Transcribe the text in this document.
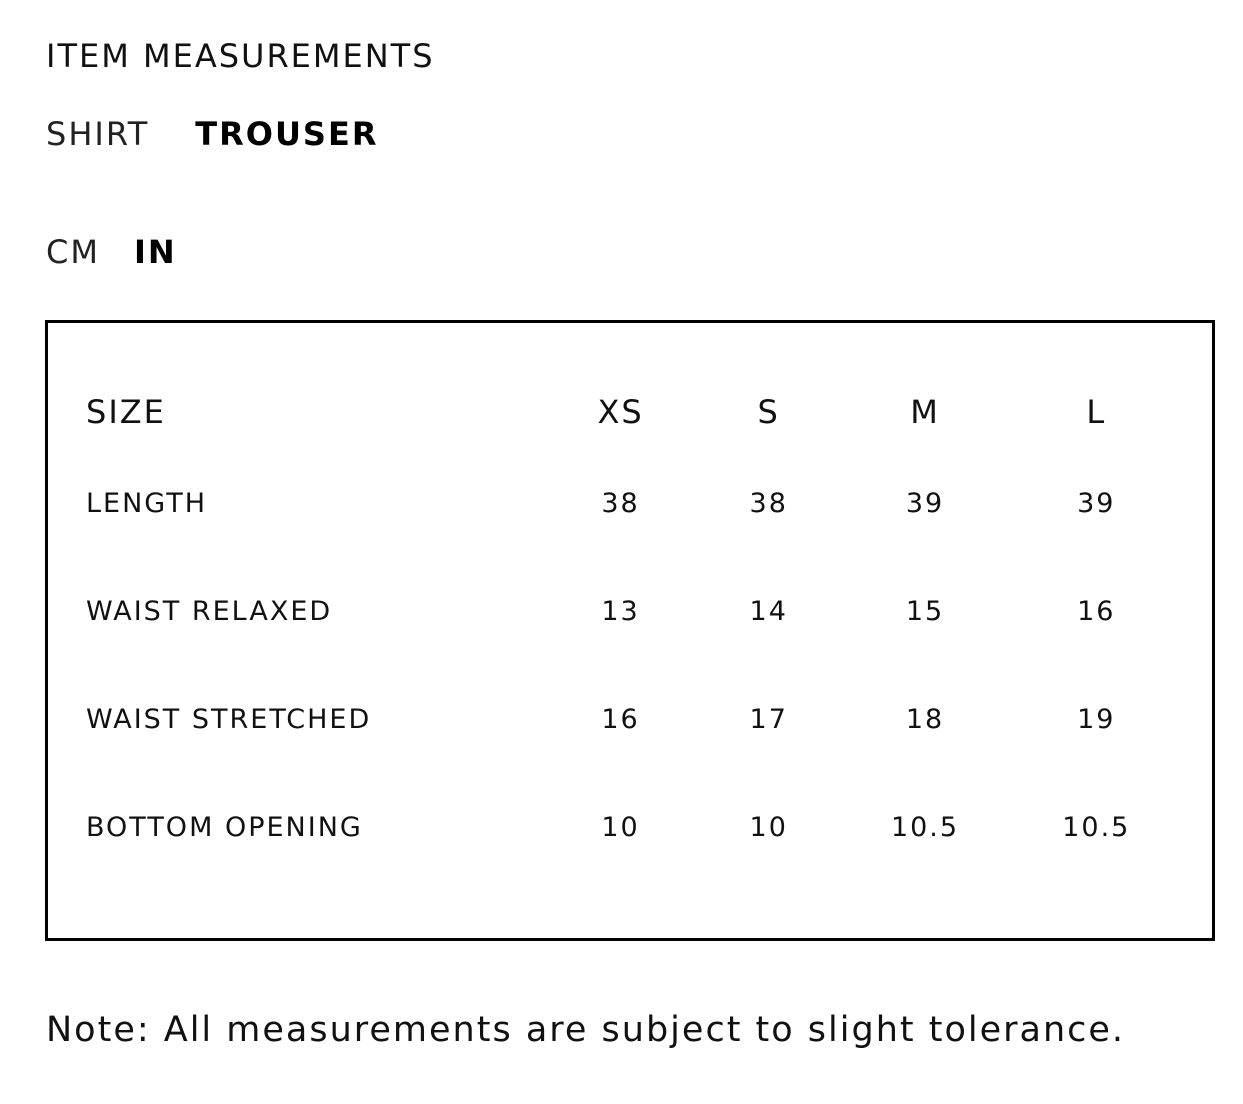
ITEM MEASUREMENTS
SHIRT TROUSER
CM IN
SIZE	XS	S	M	L
LENGTH	38	38	39	39
WAIST RELAXED	13	14	15	16
WAIST STRETCHED	16	17	18	19
BOTTOM OPENING	10	10	10.5	10.5
Note: All measurements are subject to slight tolerance.
